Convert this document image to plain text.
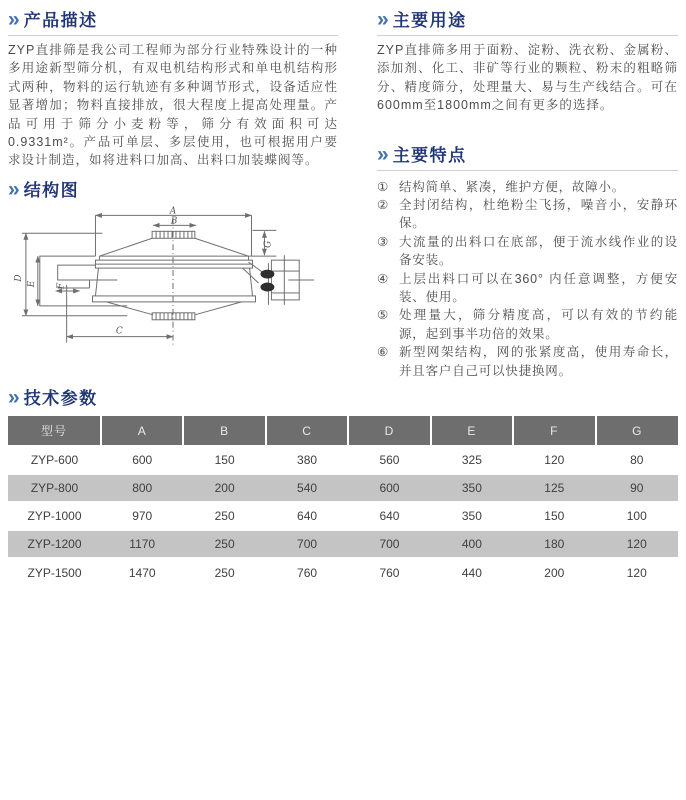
» 产品描述

ZYP直排筛是我公司工程师为部分行业特殊设计的一种多用途新型筛分机，有双电机结构形式和单电机结构形式两种，物料的运行轨迹有多种调节形式，设备适应性显著增加；物料直接排放，很大程度上提高处理量。产品可用于筛分小麦粉等，筛分有效面积可达0.9331m²。产品可单层、多层使用，也可根据用户要求设计制造，如将进料口加高、出料口加装蝶阀等。

» 结构图
A
B
C
D
E F
G
» 主要用途

ZYP直排筛多用于面粉、淀粉、洗衣粉、金属粉、添加剂、化工、非矿等行业的颗粒、粉末的粗略筛分、精度筛分，处理量大、易与生产线结合。可在600mm至1800mm之间有更多的选择。

» 主要特点
① 结构简单、紧凑，维护方便，故障小。
② 全封闭结构，杜绝粉尘飞扬，噪音小，安静环保。
③ 大流量的出料口在底部，便于流水线作业的设备安装。
④ 上层出料口可以在360° 内任意调整，方便安装、使用。
⑤ 处理量大，筛分精度高，可以有效的节约能源，起到事半功倍的效果。
⑥ 新型网架结构，网的张紧度高，使用寿命长，并且客户自己可以快捷换网。
» 技术参数
型号	A	B	C	D	E	F	G
ZYP-600	600	150	380	560	325	120	80
ZYP-800	800	200	540	600	350	125	90
ZYP-1000	970	250	640	640	350	150	100
ZYP-1200	1170	250	700	700	400	180	120
ZYP-1500	1470	250	760	760	440	200	120
